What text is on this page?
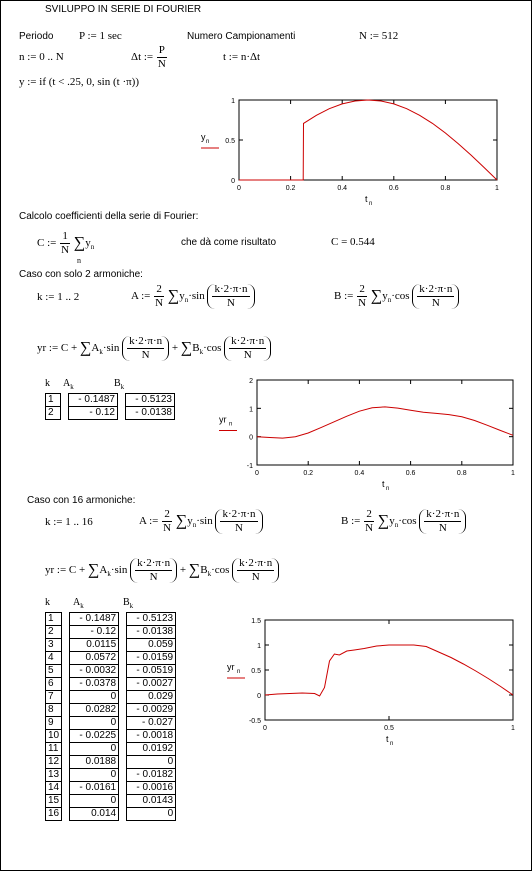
SVILUPPO IN SERIE DI FOURIER
Periodo P := 1 sec	Numero Campionamenti	N := 512
n := 0 .. N	Δt := $\frac{P}{N}$	t := n·Δt
y := if (t < .25, 0, sin (t ·π))
0
0.5
1
0	0.2	0.4	0.6	0.8	1
y n
t n
Calcolo coefficienti della serie di Fourier:
C := $\frac{1}{N} \sum y_n$
n
che dà come risultato	C = 0.544
Caso con solo 2 armoniche:
k := 1 .. 2	A := $\frac{2}{N} \sum y_n\cdot\sin \frac{k\cdot 2\cdot\pi\cdot n}{N}$	B := $\frac{2}{N} \sum y_n\cdot\cos \frac{k\cdot 2\cdot\pi\cdot n}{N}$
yr := $C + \sum A_k\cdot\sin \frac{k\cdot 2\cdot\pi\cdot n}{N} + \sum B_k\cdot\cos \frac{k\cdot 2\cdot\pi\cdot n}{N}$
k $A_k$	$B_k$
1		- 0.1487		- 0.5123
2		- 0.12		- 0.0138
-1
0
1
2
0	0.2	0.4	0.6	0.8	1
yr n
t n
Caso con 16 armoniche:
k := 1 .. 16	A := $\frac{2}{N} \sum y_n\cdot\sin \frac{k\cdot 2\cdot\pi\cdot n}{N}$	B := $\frac{2}{N} \sum y_n\cdot\cos \frac{k\cdot 2\cdot\pi\cdot n}{N}$
yr := $C + \sum A_k\cdot\sin \frac{k\cdot 2\cdot\pi\cdot n}{N} + \sum B_k\cdot\cos \frac{k\cdot 2\cdot\pi\cdot n}{N}$
k $A_k$	$B_k$
1		- 0.1487		- 0.5123
2		- 0.12		- 0.0138
3		0.0115		0.059
4		0.0572		- 0.0159
5		- 0.0032		- 0.0519
6		- 0.0378		- 0.0027
7		0		0.029
8		0.0282		- 0.0029
9		0		- 0.027
10		- 0.0225		- 0.0018
11		0		0.0192
12		0.0188		0
13		0		- 0.0182
14		- 0.0161		- 0.0016
15		0		0.0143
16		0.014		0
-0.5
0
0.5
1
1.5
0	0.5	1
yr n
t n
